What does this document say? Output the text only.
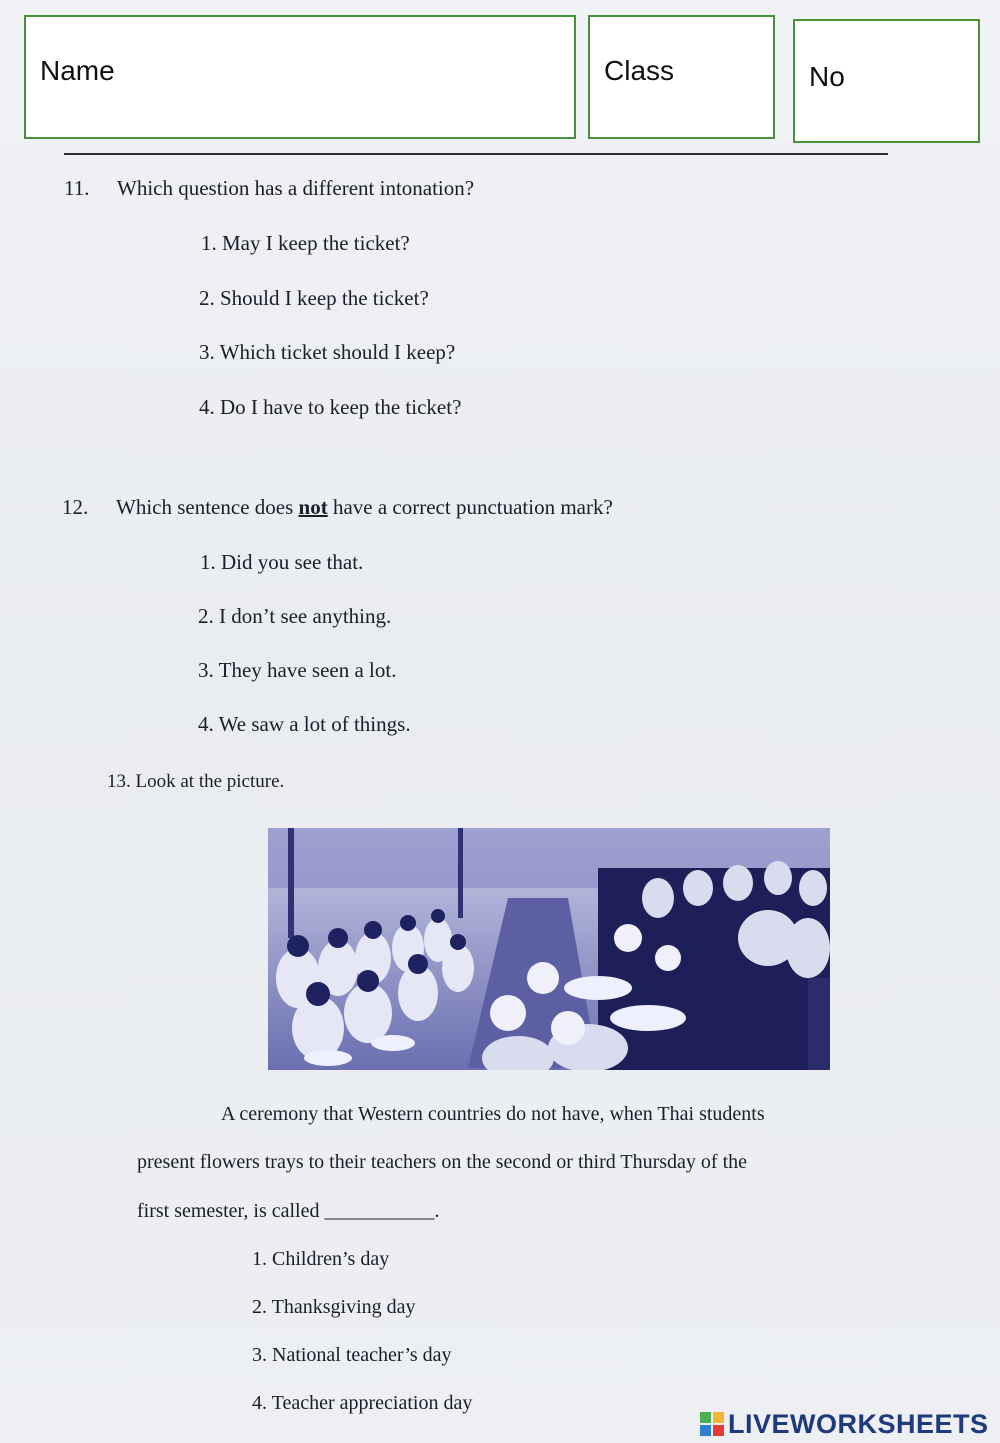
Name	Class	No
11. Which question has a different intonation?
1. May I keep the ticket?
2. Should I keep the ticket?
3. Which ticket should I keep?
4. Do I have to keep the ticket?
12. Which sentence does not have a correct punctuation mark?
1. Did you see that.
2. I don’t see anything.
3. They have seen a lot.
4. We saw a lot of things.
13. Look at the picture.
A ceremony that Western countries do not have, when Thai students
present flowers trays to their teachers on the second or third Thursday of the
first semester, is called ___________.
1. Children’s day
2. Thanksgiving day
3. National teacher’s day
4. Teacher appreciation day
LIVEWORKSHEETS
